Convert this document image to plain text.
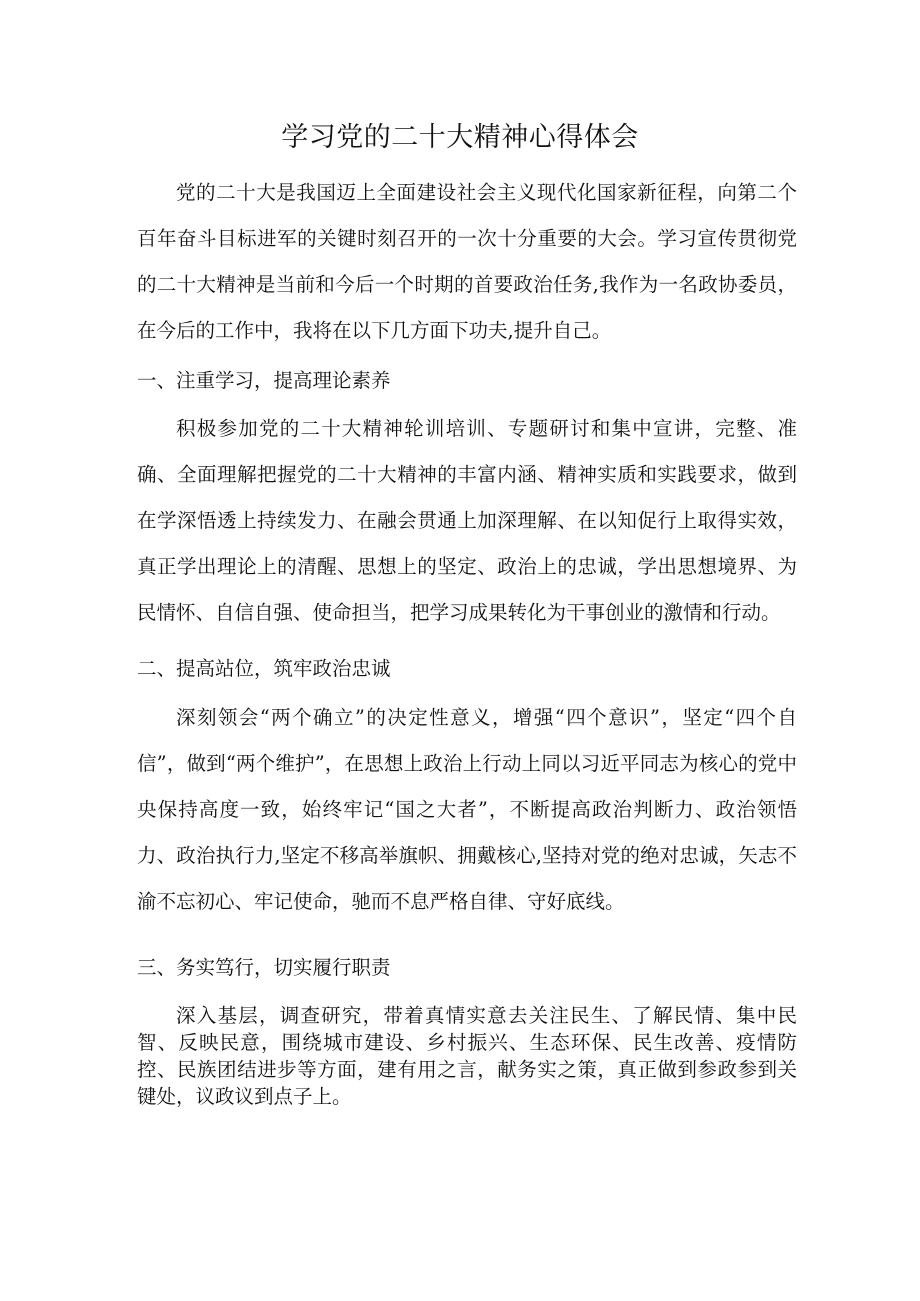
学习党的二十大精神心得体会

党的二十大是我国迈上全面建设社会主义现代化国家新征程，向第二个百年奋斗目标进军的关键时刻召开的一次十分重要的大会。学习宣传贯彻党的二十大精神是当前和今后一个时期的首要政治任务,我作为一名政协委员，在今后的工作中，我将在以下几方面下功夫,提升自己。

一、注重学习，提高理论素养

积极参加党的二十大精神轮训培训、专题研讨和集中宣讲，完整、准确、全面理解把握党的二十大精神的丰富内涵、精神实质和实践要求，做到在学深悟透上持续发力、在融会贯通上加深理解、在以知促行上取得实效，真正学出理论上的清醒、思想上的坚定、政治上的忠诚，学出思想境界、为民情怀、自信自强、使命担当，把学习成果转化为干事创业的激情和行动。

二、提高站位，筑牢政治忠诚

深刻领会“两个确立”的决定性意义，增强“四个意识”，坚定“四个自信”，做到“两个维护”，在思想上政治上行动上同以习近平同志为核心的党中央保持高度一致，始终牢记“国之大者”，不断提高政治判断力、政治领悟力、政治执行力,坚定不移高举旗帜、拥戴核心,坚持对党的绝对忠诚，矢志不渝不忘初心、牢记使命，驰而不息严格自律、守好底线。

三、务实笃行，切实履行职责

深入基层，调查研究，带着真情实意去关注民生、了解民情、集中民智、反映民意，围绕城市建设、乡村振兴、生态环保、民生改善、疫情防控、民族团结进步等方面，建有用之言，献务实之策，真正做到参政参到关键处，议政议到点子上。
